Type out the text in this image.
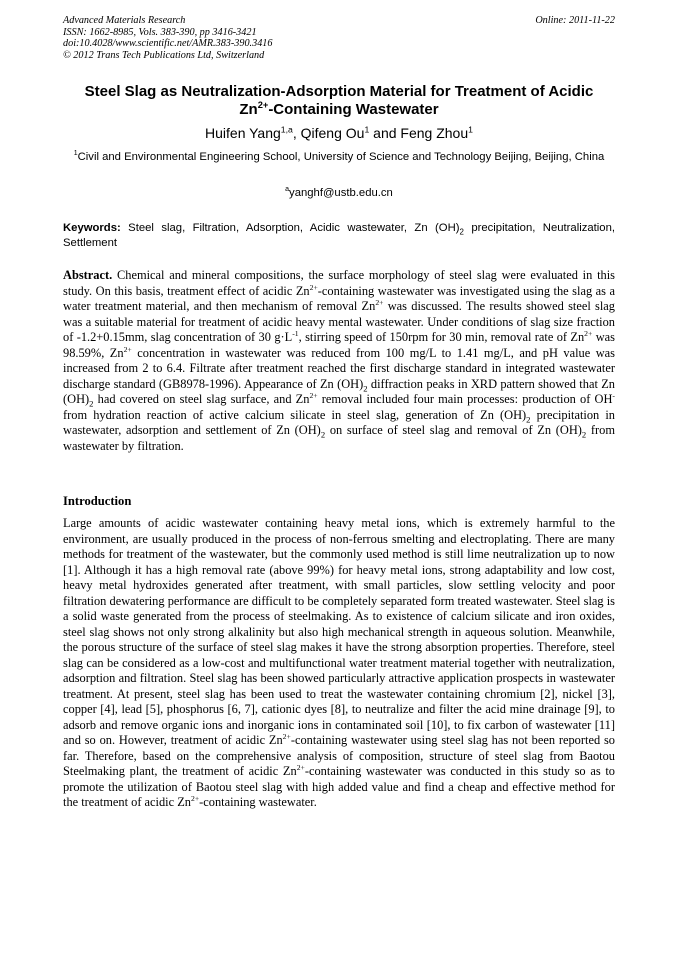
Advanced Materials Research
ISSN: 1662-8985, Vols. 383-390, pp 3416-3421
doi:10.4028/www.scientific.net/AMR.383-390.3416
© 2012 Trans Tech Publications Ltd, Switzerland
Online: 2011-11-22
Steel Slag as Neutralization-Adsorption Material for Treatment of Acidic
$Zn^{2+}$-Containing Wastewater
Huifen Yang$^{1,a}$, Qifeng Ou$^1$ and Feng Zhou$^1$
$^1$Civil and Environmental Engineering School, University of Science and Technology Beijing, Beijing, China
$^a$yanghf@ustb.edu.cn
Keywords: Steel slag, Filtration, Adsorption, Acidic wastewater, Zn $(OH)_2$ precipitation, Neutralization, Settlement
Abstract. Chemical and mineral compositions, the surface morphology of steel slag were evaluated in this study. On this basis, treatment effect of acidic $Zn^{2+}$-containing wastewater was investigated using the slag as a water treatment material, and then mechanism of removal $Zn^{2+}$ was discussed. The results showed steel slag was a suitable material for treatment of acidic heavy mental wastewater. Under conditions of slag size fraction of -1.2+0.15mm, slag concentration of 30 $g\cdot L^{-1}$, stirring speed of 150rpm for 30 min, removal rate of $Zn^{2+}$ was 98.59%, $Zn^{2+}$ concentration in wastewater was reduced from 100 mg/L to 1.41 mg/L, and pH value was increased from 2 to 6.4. Filtrate after treatment reached the first discharge standard in integrated wastewater discharge standard (GB8978-1996). Appearance of Zn $(OH)_2$ diffraction peaks in XRD pattern showed that Zn $(OH)_2$ had covered on steel slag surface, and $Zn^{2+}$ removal included four main processes: production of OH- from hydration reaction of active calcium silicate in steel slag, generation of Zn $(OH)_2$ precipitation in wastewater, adsorption and settlement of Zn $(OH)_2$ on surface of steel slag and removal of Zn $(OH)_2$ from wastewater by filtration.
Introduction
Large amounts of acidic wastewater containing heavy metal ions, which is extremely harmful to the environment, are usually produced in the process of non-ferrous smelting and electroplating. There are many methods for treatment of the wastewater, but the commonly used method is still lime neutralization up to now [1]. Although it has a high removal rate (above 99%) for heavy metal ions, strong adaptability and low cost, heavy metal hydroxides generated after treatment, with small particles, slow settling velocity and poor filtration dewatering performance are difficult to be completely separated form treated wastewater. Steel slag is a solid waste generated from the process of steelmaking. As to existence of calcium silicate and iron oxides, steel slag shows not only strong alkalinity but also high mechanical strength in aqueous solution. Meanwhile, the porous structure of the surface of steel slag makes it have the strong absorption properties. Therefore, steel slag can be considered as a low-cost and multifunctional water treatment material together with neutralization, adsorption and filtration. Steel slag has been showed particularly attractive application prospects in wastewater treatment. At present, steel slag has been used to treat the wastewater containing chromium [2], nickel [3], copper [4], lead [5], phosphorus [6, 7], cationic dyes [8], to neutralize and filter the acid mine drainage [9], to adsorb and remove organic ions and inorganic ions in contaminated soil [10], to fix carbon of wastewater [11] and so on. However, treatment of acidic $Zn^{2+}$-containing wastewater using steel slag has not been reported so far. Therefore, based on the comprehensive analysis of composition, structure of steel slag from Baotou Steelmaking plant, the treatment of acidic $Zn^{2+}$-containing wastewater was conducted in this study so as to promote the utilization of Baotou steel slag with high added value and find a cheap and effective method for the treatment of acidic $Zn^{2+}$-containing wastewater.
